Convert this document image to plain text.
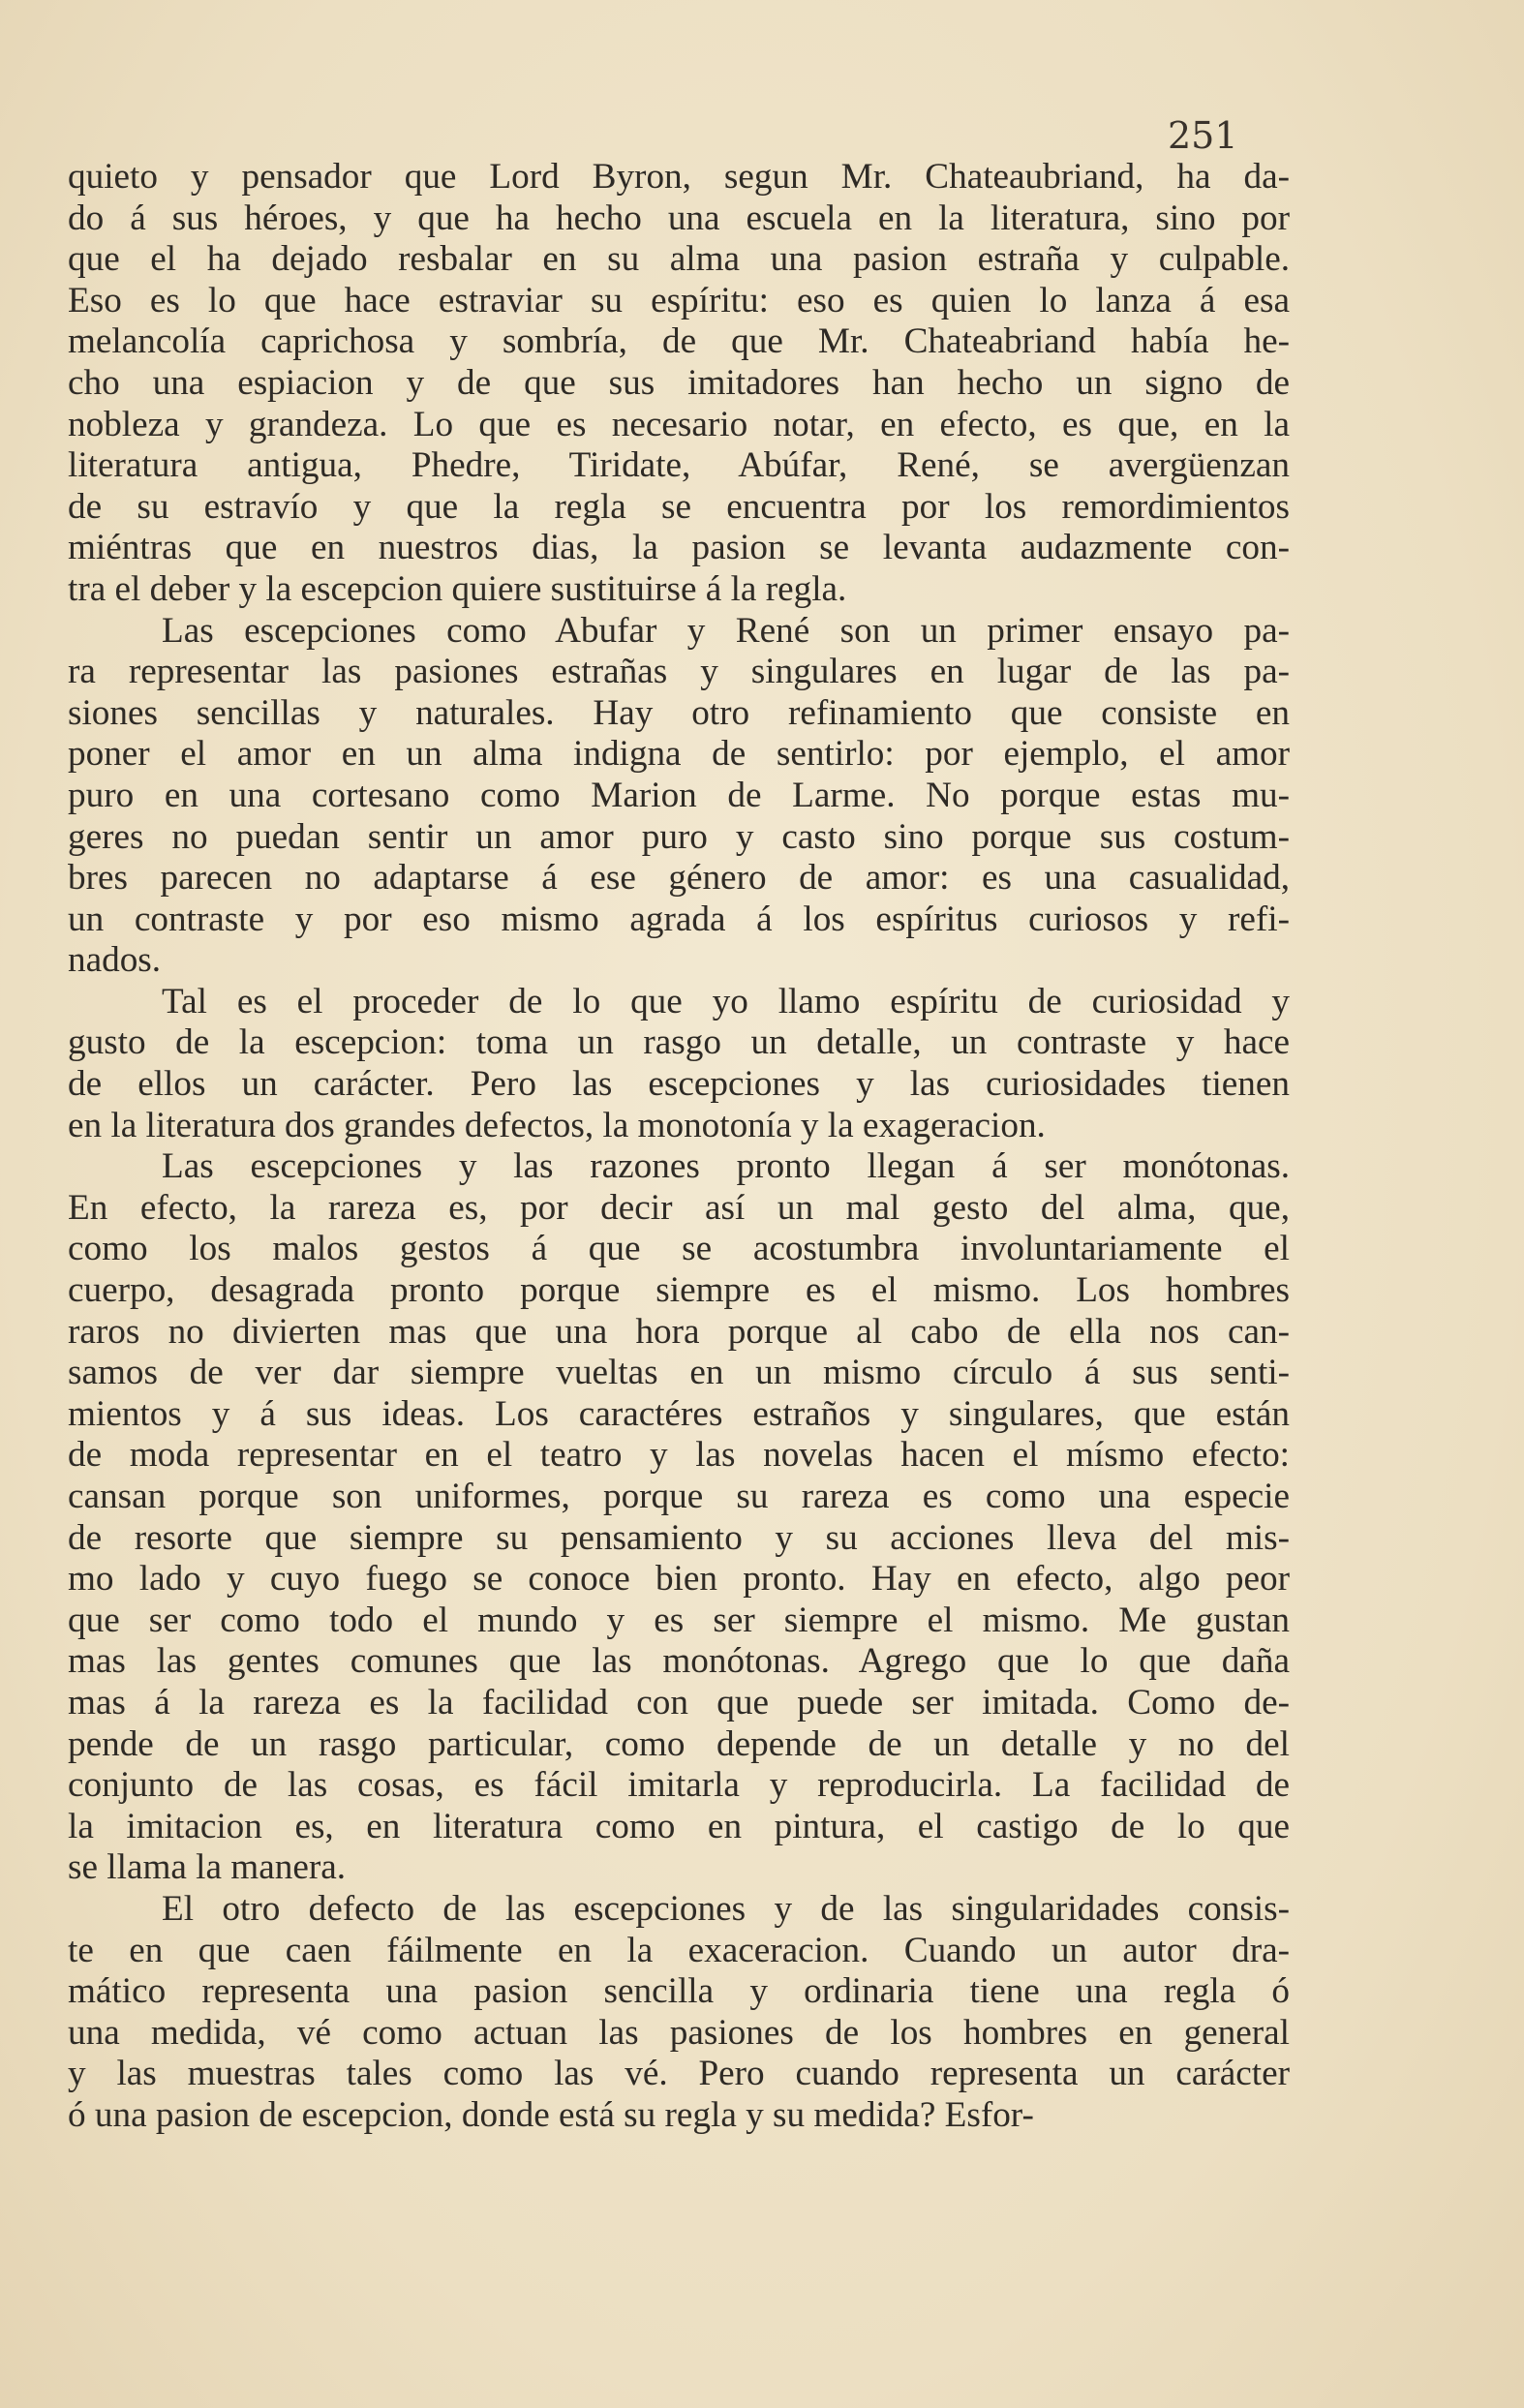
251
quieto y pensador que Lord Byron, segun Mr. Chateaubriand, ha da-
do á sus héroes, y que ha hecho una escuela en la literatura, sino por
que el ha dejado resbalar en su alma una pasion estraña y culpable.
Eso es lo que hace estraviar su espíritu: eso es quien lo lanza á esa
melancolía caprichosa y sombría, de que Mr. Chateabriand había he-
cho una espiacion y de que sus imitadores han hecho un signo de
nobleza y grandeza. Lo que es necesario notar, en efecto, es que, en la
literatura antigua, Phedre, Tiridate, Abúfar, René, se avergüenzan
de su estravío y que la regla se encuentra por los remordimientos
miéntras que en nuestros dias, la pasion se levanta audazmente con-
tra el deber y la escepcion quiere sustituirse á la regla.
Las escepciones como Abufar y René son un primer ensayo pa-
ra representar las pasiones estrañas y singulares en lugar de las pa-
siones sencillas y naturales. Hay otro refinamiento que consiste en
poner el amor en un alma indigna de sentirlo: por ejemplo, el amor
puro en una cortesano como Marion de Larme. No porque estas mu-
geres no puedan sentir un amor puro y casto sino porque sus costum-
bres parecen no adaptarse á ese género de amor: es una casualidad,
un contraste y por eso mismo agrada á los espíritus curiosos y refi-
nados.
Tal es el proceder de lo que yo llamo espíritu de curiosidad y
gusto de la escepcion: toma un rasgo un detalle, un contraste y hace
de ellos un carácter. Pero las escepciones y las curiosidades tienen
en la literatura dos grandes defectos, la monotonía y la exageracion.
Las escepciones y las razones pronto llegan á ser monótonas.
En efecto, la rareza es, por decir así un mal gesto del alma, que,
como los malos gestos á que se acostumbra involuntariamente el
cuerpo, desagrada pronto porque siempre es el mismo. Los hombres
raros no divierten mas que una hora porque al cabo de ella nos can-
samos de ver dar siempre vueltas en un mismo círculo á sus senti-
mientos y á sus ideas. Los caractéres estraños y singulares, que están
de moda representar en el teatro y las novelas hacen el mísmo efecto:
cansan porque son uniformes, porque su rareza es como una especie
de resorte que siempre su pensamiento y su acciones lleva del mis-
mo lado y cuyo fuego se conoce bien pronto. Hay en efecto, algo peor
que ser como todo el mundo y es ser siempre el mismo. Me gustan
mas las gentes comunes que las monótonas. Agrego que lo que daña
mas á la rareza es la facilidad con que puede ser imitada. Como de-
pende de un rasgo particular, como depende de un detalle y no del
conjunto de las cosas, es fácil imitarla y reproducirla. La facilidad de
la imitacion es, en literatura como en pintura, el castigo de lo que
se llama la manera.
El otro defecto de las escepciones y de las singularidades consis-
te en que caen fáilmente en la exaceracion. Cuando un autor dra-
mático representa una pasion sencilla y ordinaria tiene una regla ó
una medida, vé como actuan las pasiones de los hombres en general
y las muestras tales como las vé. Pero cuando representa un carácter
ó una pasion de escepcion, donde está su regla y su medida? Esfor-
